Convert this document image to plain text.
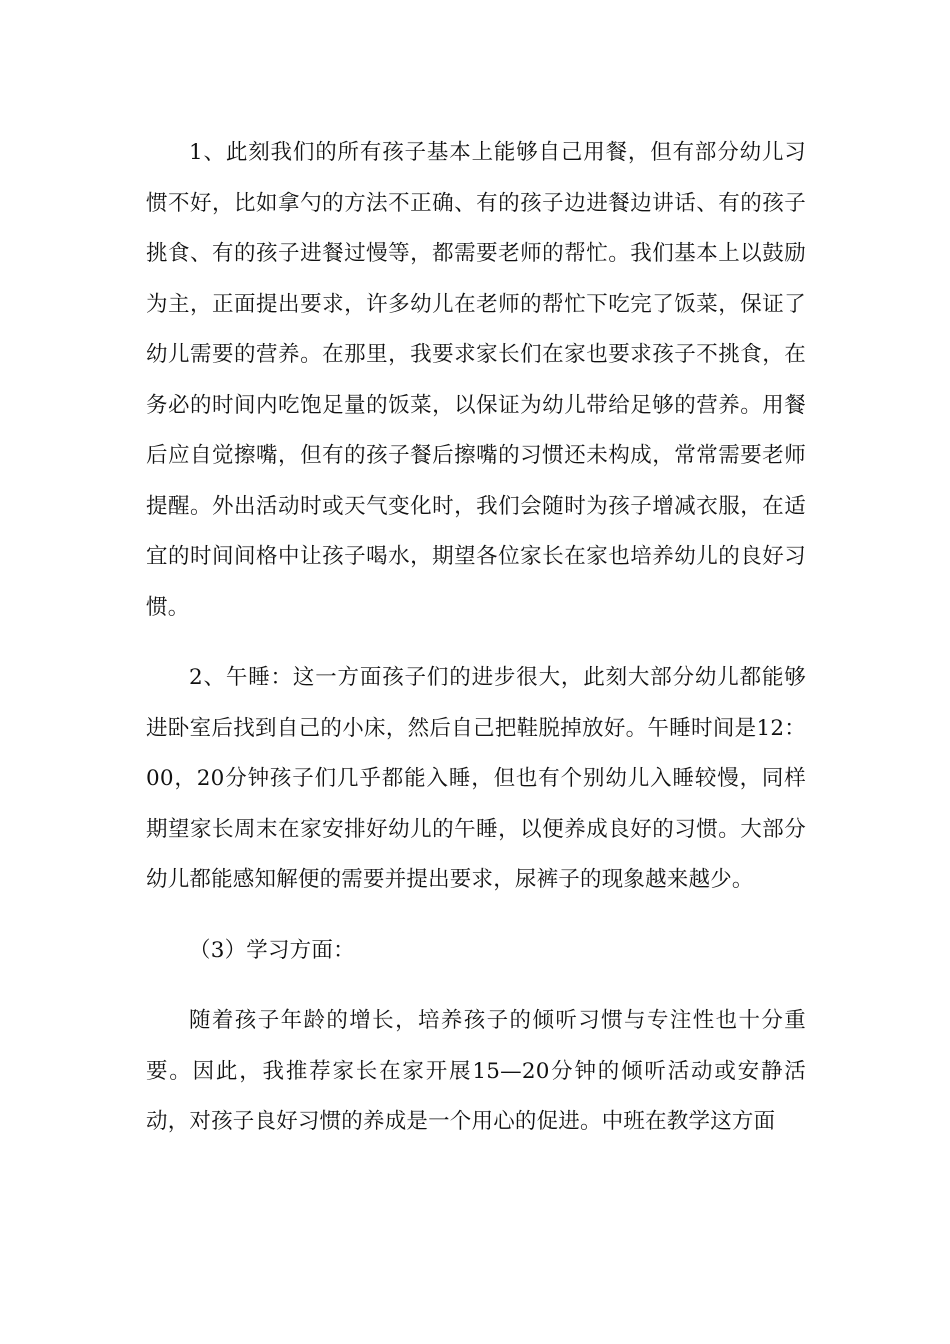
1、此刻我们的所有孩子基本上能够自己用餐，但有部分幼儿习惯不好，比如拿勺的方法不正确、有的孩子边进餐边讲话、有的孩子挑食、有的孩子进餐过慢等，都需要老师的帮忙。我们基本上以鼓励为主，正面提出要求，许多幼儿在老师的帮忙下吃完了饭菜，保证了幼儿需要的营养。在那里，我要求家长们在家也要求孩子不挑食，在务必的时间内吃饱足量的饭菜，以保证为幼儿带给足够的营养。用餐后应自觉擦嘴，但有的孩子餐后擦嘴的习惯还未构成，常常需要老师提醒。外出活动时或天气变化时，我们会随时为孩子增减衣服，在适宜的时间间格中让孩子喝水，期望各位家长在家也培养幼儿的良好习惯。

2、午睡：这一方面孩子们的进步很大，此刻大部分幼儿都能够进卧室后找到自己的小床，然后自己把鞋脱掉放好。午睡时间是12：00，20分钟孩子们几乎都能入睡，但也有个别幼儿入睡较慢，同样期望家长周末在家安排好幼儿的午睡，以便养成良好的习惯。大部分幼儿都能感知解便的需要并提出要求，尿裤子的现象越来越少。

（3）学习方面：

随着孩子年龄的增长，培养孩子的倾听习惯与专注性也十分重要。因此，我推荐家长在家开展15—20分钟的倾听活动或安静活动，对孩子良好习惯的养成是一个用心的促进。中班在教学这方面
